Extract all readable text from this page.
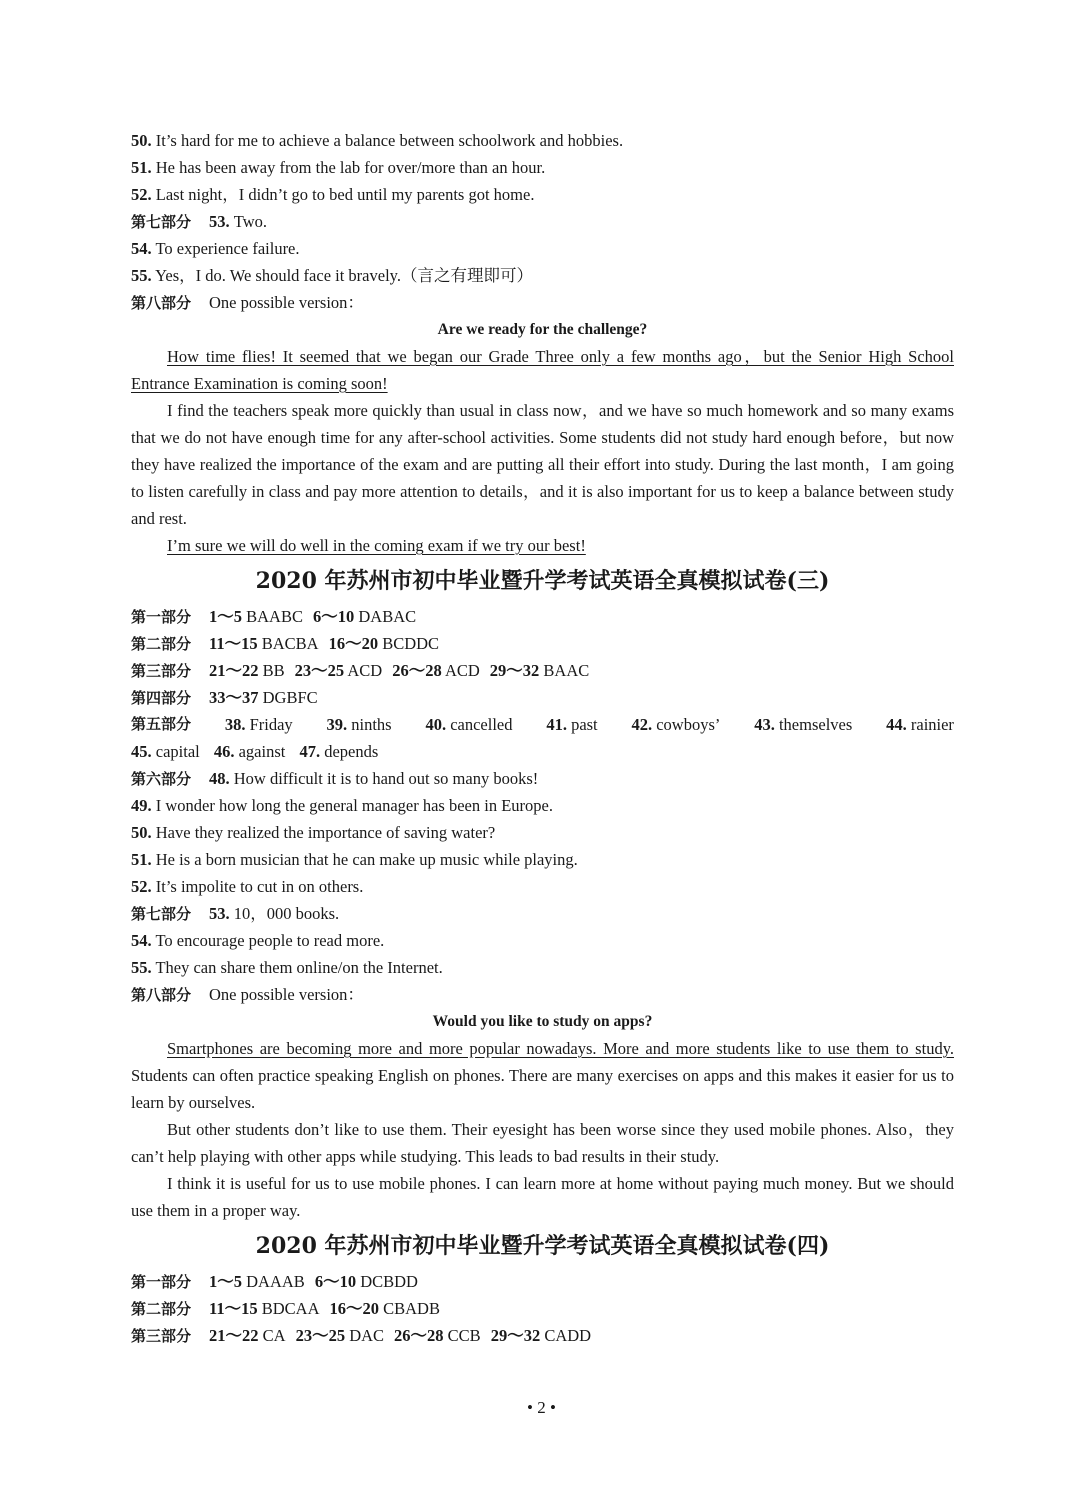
50. It’s hard for me to achieve a balance between schoolwork and hobbies.
51. He has been away from the lab for over/more than an hour.
52. Last night，I didn’t go to bed until my parents got home.
第七部分 53. Two.
54. To experience failure.
55. Yes，I do. We should face it bravely.（言之有理即可）
第八部分 One possible version：
Are we ready for the challenge?

How time flies! It seemed that we began our Grade Three only a few months ago，but the Senior High School Entrance Examination is coming soon!

I find the teachers speak more quickly than usual in class now，and we have so much homework and so many exams that we do not have enough time for any after-school activities. Some students did not study hard enough before，but now they have realized the importance of the exam and are putting all their effort into study. During the last month，I am going to listen carefully in class and pay more attention to details，and it is also important for us to keep a balance between study and rest.

I’m sure we will do well in the coming exam if we try our best!

2020 年苏州市初中毕业暨升学考试英语全真模拟试卷(三)
第一部分 1～5 BAABC 6～10 DABAC
第二部分 11～15 BACBA 16～20 BCDDC
第三部分 21～22 BB 23～25 ACD 26～28 ACD 29～32 BAAC
第四部分 33～37 DGBFC
第五部分 38. Friday 39. ninths 40. cancelled 41. past 42. cowboys’ 43. themselves 44. rainier
45. capital 46. against 47. depends
第六部分 48. How difficult it is to hand out so many books!
49. I wonder how long the general manager has been in Europe.
50. Have they realized the importance of saving water?
51. He is a born musician that he can make up music while playing.
52. It’s impolite to cut in on others.
第七部分 53. 10，000 books.
54. To encourage people to read more.
55. They can share them online/on the Internet.
第八部分 One possible version：
Would you like to study on apps?

Smartphones are becoming more and more popular nowadays. More and more students like to use them to study. Students can often practice speaking English on phones. There are many exercises on apps and this makes it easier for us to learn by ourselves.

But other students don’t like to use them. Their eyesight has been worse since they used mobile phones. Also，they can’t help playing with other apps while studying. This leads to bad results in their study.

I think it is useful for us to use mobile phones. I can learn more at home without paying much money. But we should use them in a proper way.

2020 年苏州市初中毕业暨升学考试英语全真模拟试卷(四)
第一部分 1～5 DAAAB 6～10 DCBDD
第二部分 11～15 BDCAA 16～20 CBADB
第三部分 21～22 CA 23～25 DAC 26～28 CCB 29～32 CADD
• 2 •
